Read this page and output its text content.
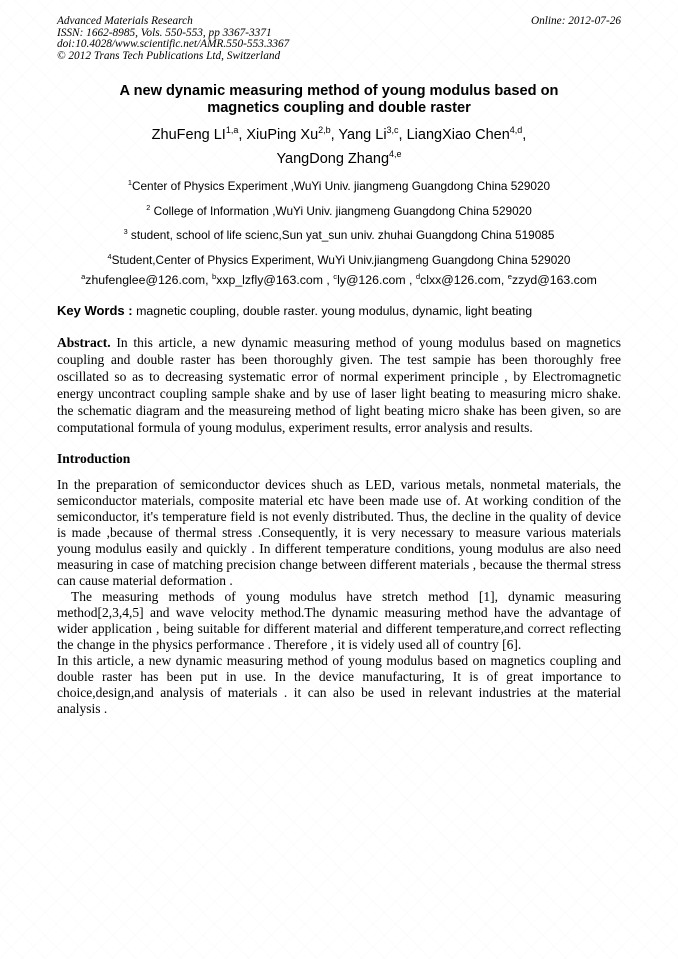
Advanced Materials Research	Online: 2012-07-26
ISSN: 1662-8985, Vols. 550-553, pp 3367-3371
doi:10.4028/www.scientific.net/AMR.550-553.3367
© 2012 Trans Tech Publications Ltd, Switzerland
A new dynamic measuring method of young modulus based on magnetics coupling and double raster
ZhuFeng LI$^{1,a}$, XiuPing Xu$^{2,b}$, Yang Li$^{3,c}$, LiangXiao Chen$^{4,d}$,
YangDong Zhang$^{4,e}$
$^1$Center of Physics Experiment ,WuYi Univ. jiangmeng Guangdong China 529020
$^2$ College of Information ,WuYi Univ. jiangmeng Guangdong China 529020
$^3$ student, school of life scienc,Sun yat_sun univ. zhuhai Guangdong China 519085
$^4$Student,Center of Physics Experiment, WuYi Univ.jiangmeng Guangdong China 529020
$^a$zhufenglee@126.com, $^b$xxp_lzfly@163.com , $^c$ly@126.com , $^d$clxx@126.com, $^e$zzyd@163.com
Key Words : magnetic coupling, double raster. young modulus, dynamic, light beating

Abstract. In this article, a new dynamic measuring method of young modulus based on magnetics coupling and double raster has been thoroughly given. The test sampie has been thoroughly free oscillated so as to decreasing systematic error of normal experiment principle , by Electromagnetic energy uncontract coupling sample shake and by use of laser light beating to measuring micro shake. the schematic diagram and the measureing method of light beating micro shake has been given, so are computational formula of young modulus, experiment results, error analysis and results.

Introduction

In the preparation of semiconductor devices shuch as LED, various metals, nonmetal materials, the semiconductor materials, composite material etc have been made use of. At working condition of the semiconductor, it's temperature field is not evenly distributed. Thus, the decline in the quality of device is made ,because of thermal stress .Consequently, it is very necessary to measure various materials young modulus easily and quickly . In different temperature conditions, young modulus are also need measuring in case of matching precision change between different materials , because the thermal stress can cause material deformation .

The measuring methods of young modulus have stretch method [1], dynamic measuring method[2,3,4,5] and wave velocity method.The dynamic measuring method have the advantage of wider application , being suitable for different material and different temperature,and correct reflecting the change in the physics performance . Therefore , it is videly used all of country [6].

In this article, a new dynamic measuring method of young modulus based on magnetics coupling and double raster has been put in use. In the device manufacturing, It is of great importance to choice,design,and analysis of materials . it can also be used in relevant industries at the material analysis .
